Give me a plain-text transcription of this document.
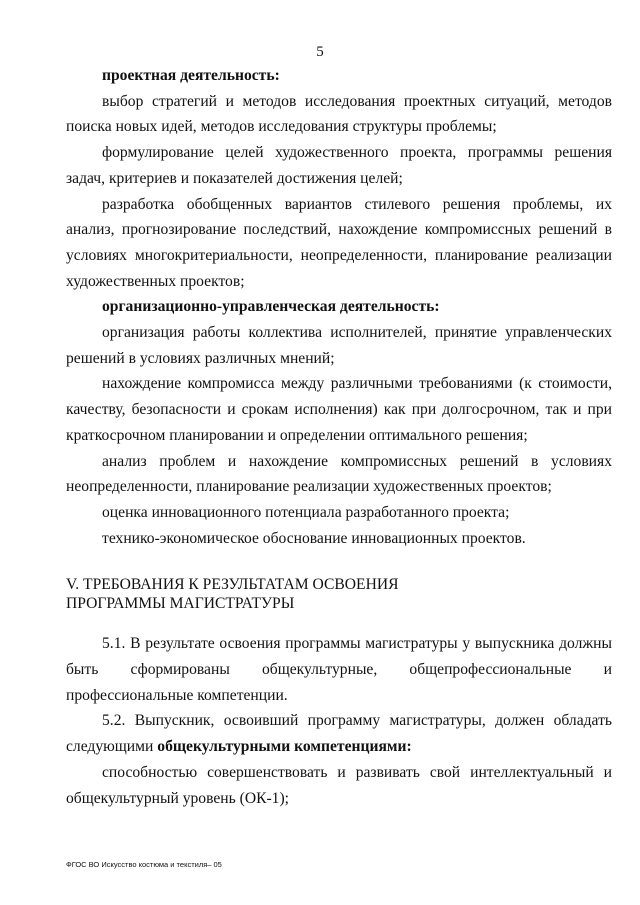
5

проектная деятельность:

выбор стратегий и методов исследования проектных ситуаций, методов поиска новых идей, методов исследования структуры проблемы;

формулирование целей художественного проекта, программы решения задач, критериев и показателей достижения целей;

разработка обобщенных вариантов стилевого решения проблемы, их анализ, прогнозирование последствий, нахождение компромиссных решений в условиях многокритериальности, неопределенности, планирование реализации художественных проектов;

организационно-управленческая деятельность:

организация работы коллектива исполнителей, принятие управленческих решений в условиях различных мнений;

нахождение компромисса между различными требованиями (к стоимости, качеству, безопасности и срокам исполнения) как при долгосрочном, так и при краткосрочном планировании и определении оптимального решения;

анализ проблем и нахождение компромиссных решений в условиях неопределенности, планирование реализации художественных проектов;

оценка инновационного потенциала разработанного проекта;

технико-экономическое обоснование инновационных проектов.

V. ТРЕБОВАНИЯ К РЕЗУЛЬТАТАМ ОСВОЕНИЯ
ПРОГРАММЫ МАГИСТРАТУРЫ

5.1. В результате освоения программы магистратуры у выпускника должны быть сформированы общекультурные, общепрофессиональные и профессиональные компетенции.

5.2. Выпускник, освоивший программу магистратуры, должен обладать следующими общекультурными компетенциями:

способностью совершенствовать и развивать свой интеллектуальный и общекультурный уровень (ОК-1);

ФГОС ВО Искусство костюма и текстиля– 05
